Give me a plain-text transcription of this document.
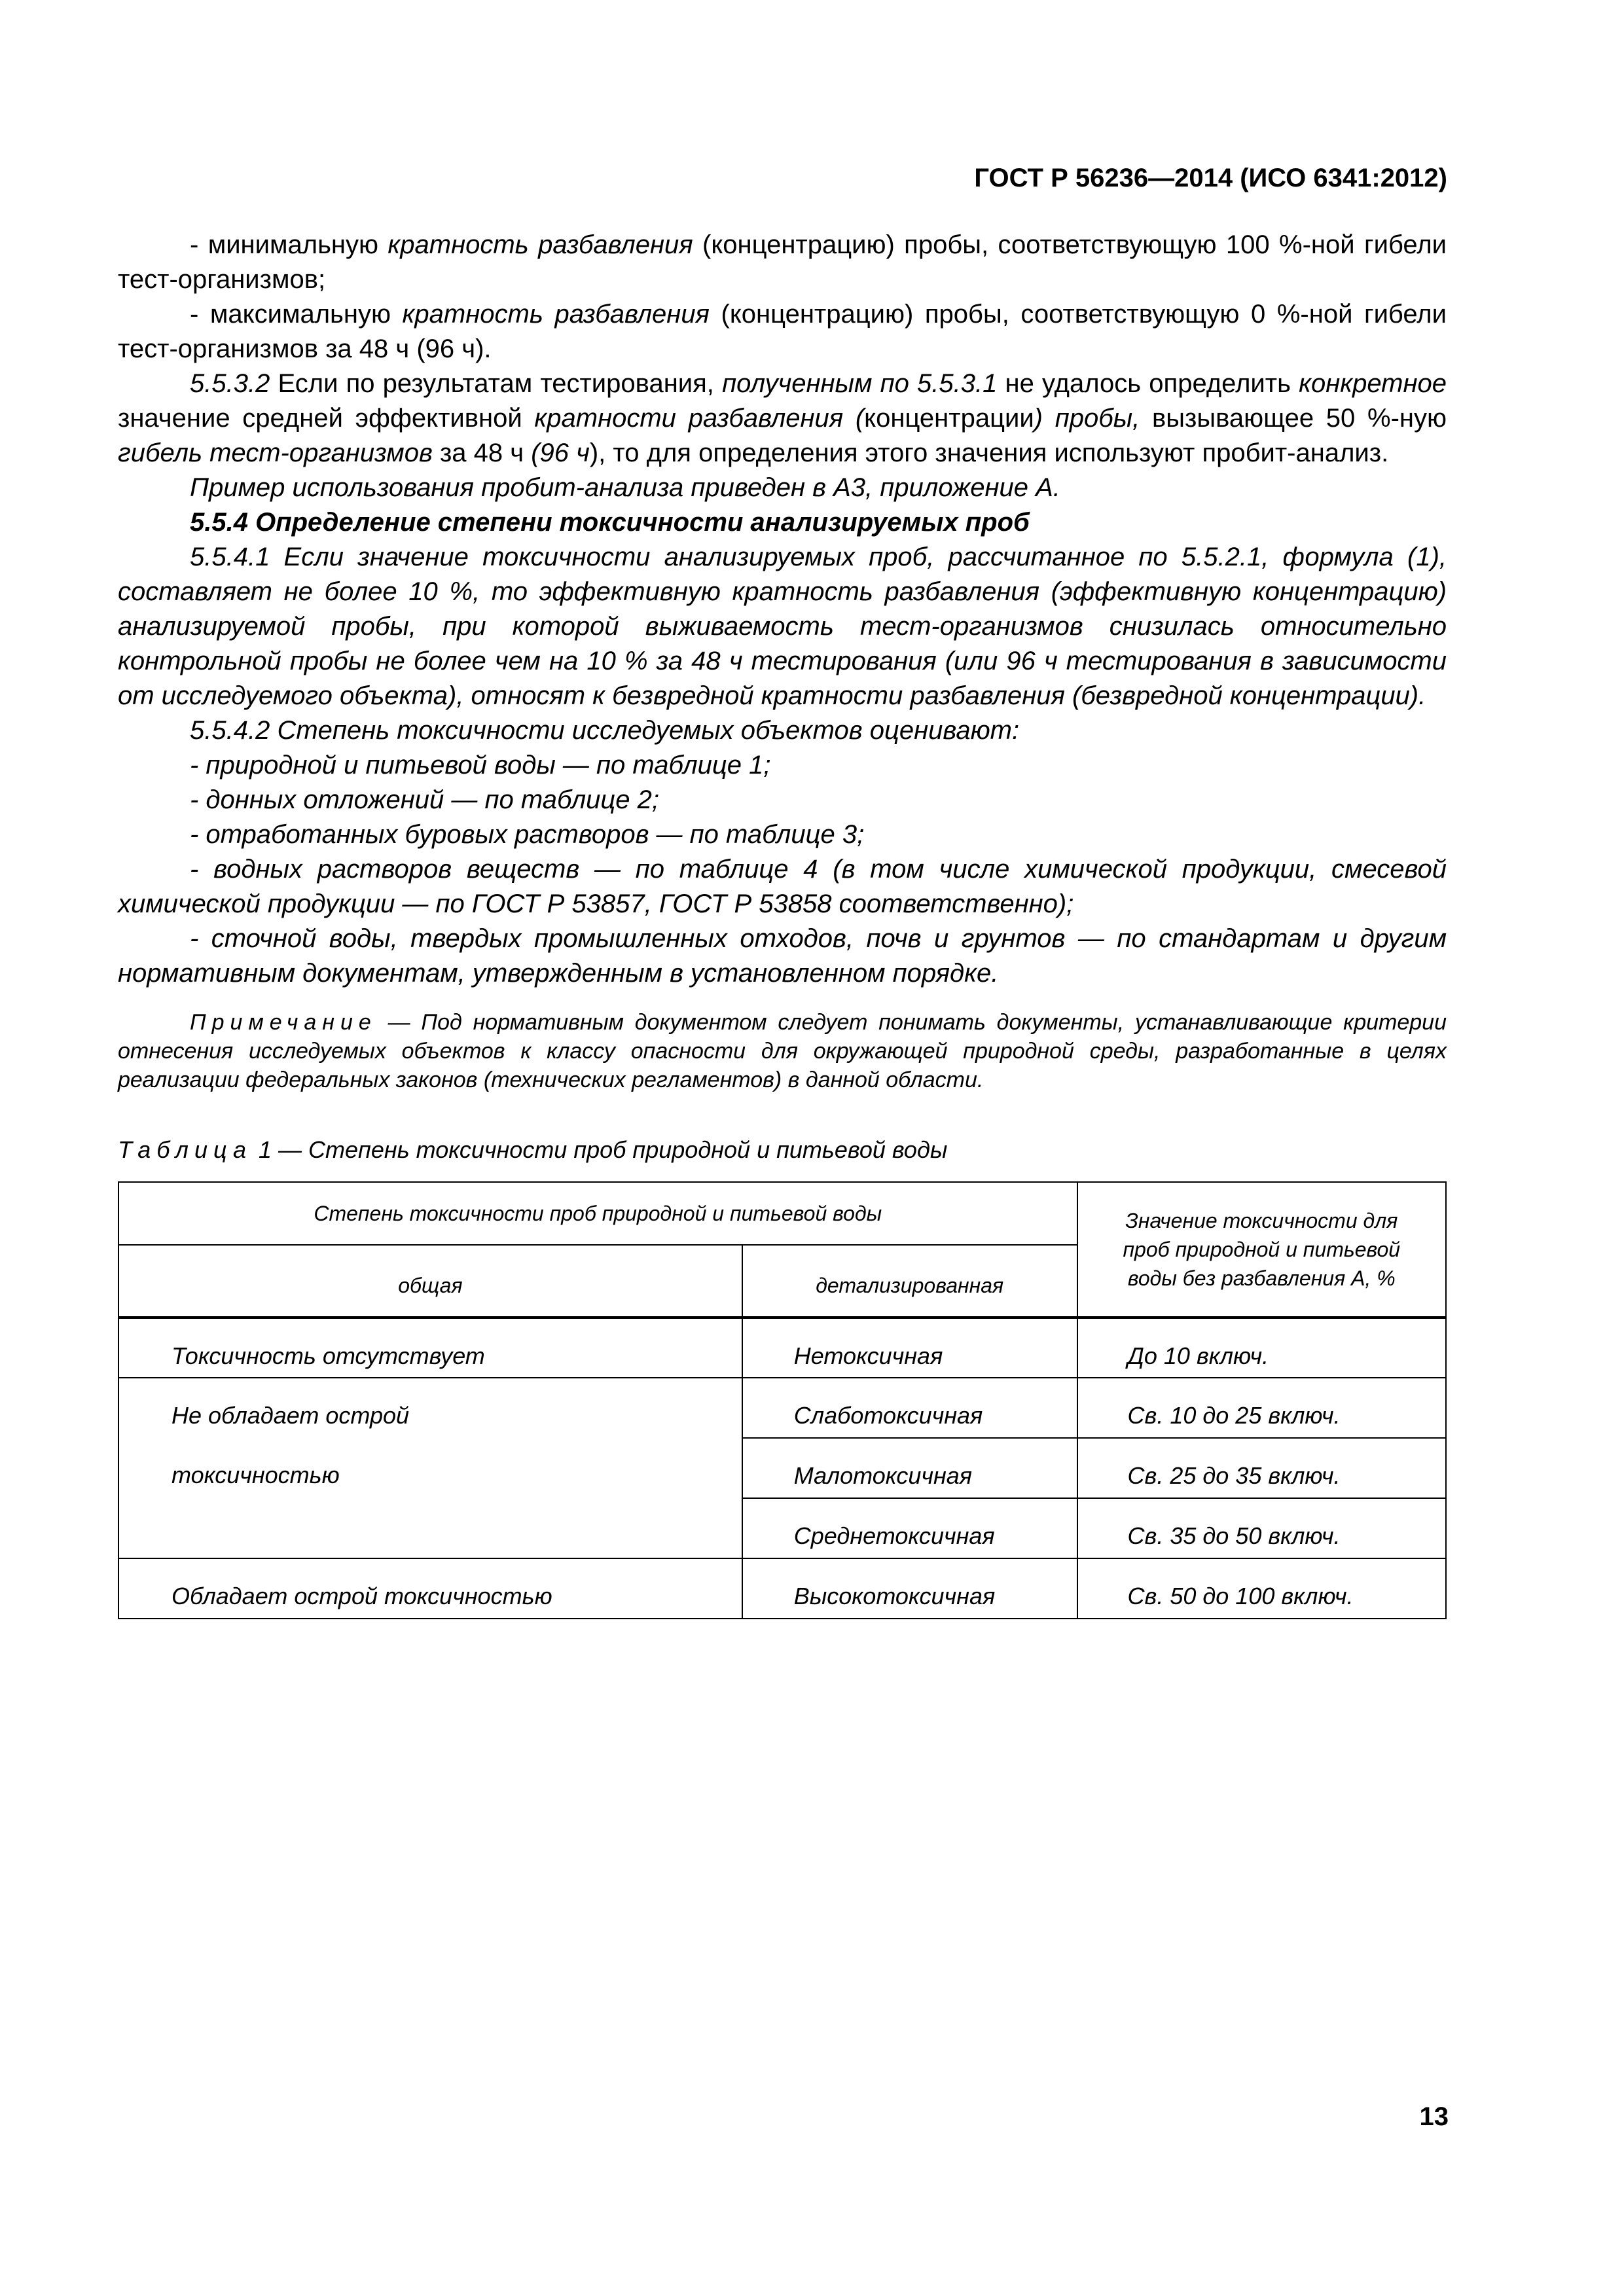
ГОСТ Р 56236—2014 (ИСО 6341:2012)

- минимальную кратность разбавления (концентрацию) пробы, соответствующую 100 %-ной гибели тест-организмов;

- максимальную кратность разбавления (концентрацию) пробы, соответствующую 0 %-ной гибели тест-организмов за 48 ч (96 ч).

5.5.3.2 Если по результатам тестирования, полученным по 5.5.3.1 не удалось определить конкретное значение средней эффективной кратности разбавления (концентрации) пробы, вызывающее 50 %-ную гибель тест-организмов за 48 ч (96 ч), то для определения этого значения используют пробит-анализ.

Пример использования пробит-анализа приведен в А3, приложение А.

5.5.4 Определение степени токсичности анализируемых проб

5.5.4.1 Если значение токсичности анализируемых проб, рассчитанное по 5.5.2.1, формула (1), составляет не более 10 %, то эффективную кратность разбавления (эффективную концентрацию) анализируемой пробы, при которой выживаемость тест-организмов снизилась относительно контрольной пробы не более чем на 10 % за 48 ч тестирования (или 96 ч тестирования в зависимости от исследуемого объекта), относят к безвредной кратности разбавления (безвредной концентрации).

5.5.4.2 Степень токсичности исследуемых объектов оценивают:

- природной и питьевой воды — по таблице 1;

- донных отложений — по таблице 2;

- отработанных буровых растворов — по таблице 3;

- водных растворов веществ — по таблице 4 (в том числе химической продукции, смесевой химической продукции — по ГОСТ Р 53857, ГОСТ Р 53858 соответственно);

- сточной воды, твердых промышленных отходов, почв и грунтов — по стандартам и другим нормативным документам, утвержденным в установленном порядке.

Примечание — Под нормативным документом следует понимать документы, устанавливающие критерии отнесения исследуемых объектов к классу опасности для окружающей природной среды, разработанные в целях реализации федеральных законов (технических регламентов) в данной области.

Таблица 1 — Степень токсичности проб природной и питьевой воды
Степень токсичности проб природной и питьевой воды		Значение токсичности для проб природной и питьевой воды без разбавления А, %
общая	детализированная	
Токсичность отсутствует	Нетоксичная	До 10 включ.
Не обладает острой	Слаботоксичная	Св. 10 до 25 включ.
токсичностью	Малотоксичная	Св. 25 до 35 включ.
	Среднетоксичная	Св. 35 до 50 включ.
Обладает острой токсичностью	Высокотоксичная	Св. 50 до 100 включ.
13
